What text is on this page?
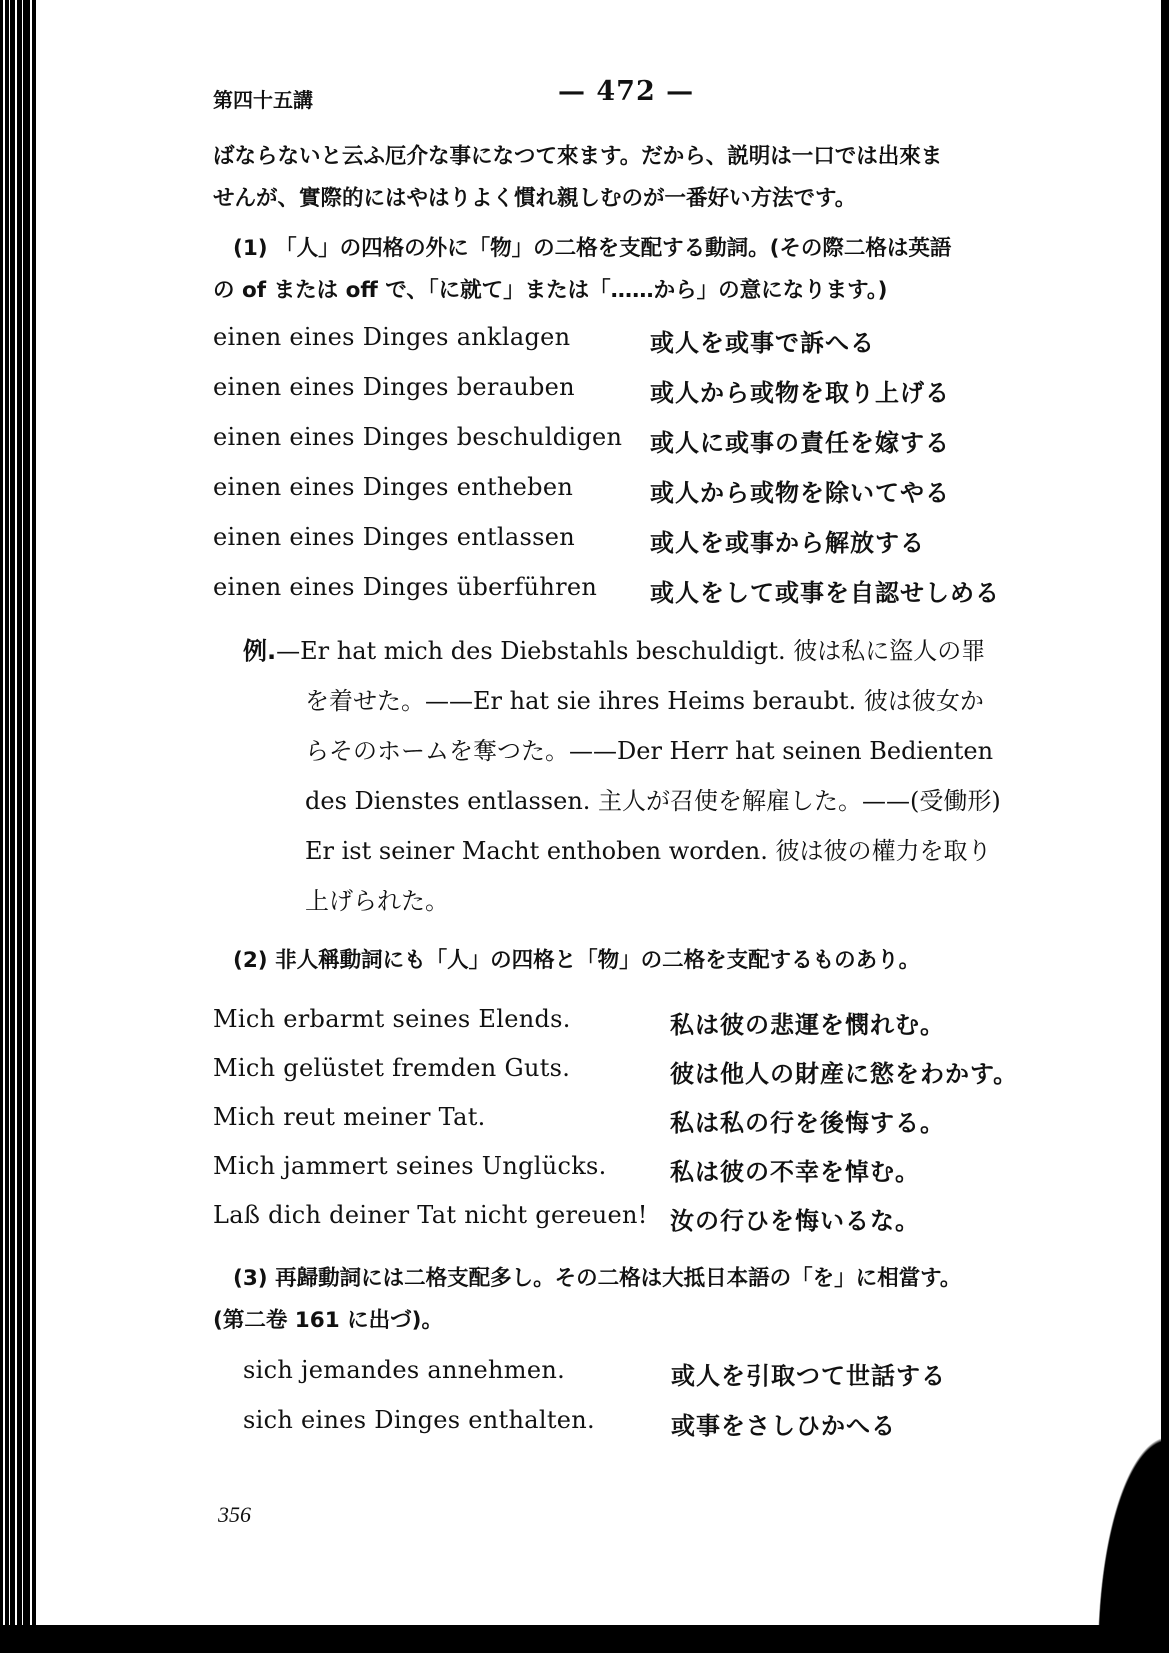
第四十五講	— 472 —
ばならないと云ふ厄介な事になつて來ます。だから、説明は一口では出來ま
せんが、實際的にはやはりよく慣れ親しむのが一番好い方法です。
(1) 「人」の四格の外に「物」の二格を支配する動詞。(その際二格は英語
の of または off で、「に就て」または「……から」の意になります。)
einen eines Dinges anklagen	或人を或事で訴へる
einen eines Dinges berauben	或人から或物を取り上げる
einen eines Dinges beschuldigen 或人に或事の責任を嫁する
einen eines Dinges entheben	或人から或物を除いてやる
einen eines Dinges entlassen	或人を或事から解放する
einen eines Dinges überführen 或人をして或事を自認せしめる
例.—Er hat mich des Diebstahls beschuldigt. 彼は私に盜人の罪
を着せた。——Er hat sie ihres Heims beraubt. 彼は彼女か
らそのホームを奪つた。——Der Herr hat seinen Bedienten
des Dienstes entlassen. 主人が召使を解雇した。——(受働形)
Er ist seiner Macht enthoben worden. 彼は彼の權力を取り
上げられた。
(2) 非人稱動詞にも「人」の四格と「物」の二格を支配するものあり。
Mich erbarmt seines Elends.	私は彼の悲運を憫れむ。
Mich gelüstet fremden Guts.	彼は他人の財産に慾をわかす。
Mich reut meiner Tat.	私は私の行を後悔する。
Mich jammert seines Unglücks.	私は彼の不幸を悼む。
Laß dich deiner Tat nicht gereuen! 汝の行ひを悔いるな。
(3) 再歸動詞には二格支配多し。その二格は大抵日本語の「を」に相當す。
(第二卷 161 に出づ)。
sich jemandes annehmen.	或人を引取つて世話する
sich eines Dinges enthalten.	或事をさしひかへる
356
